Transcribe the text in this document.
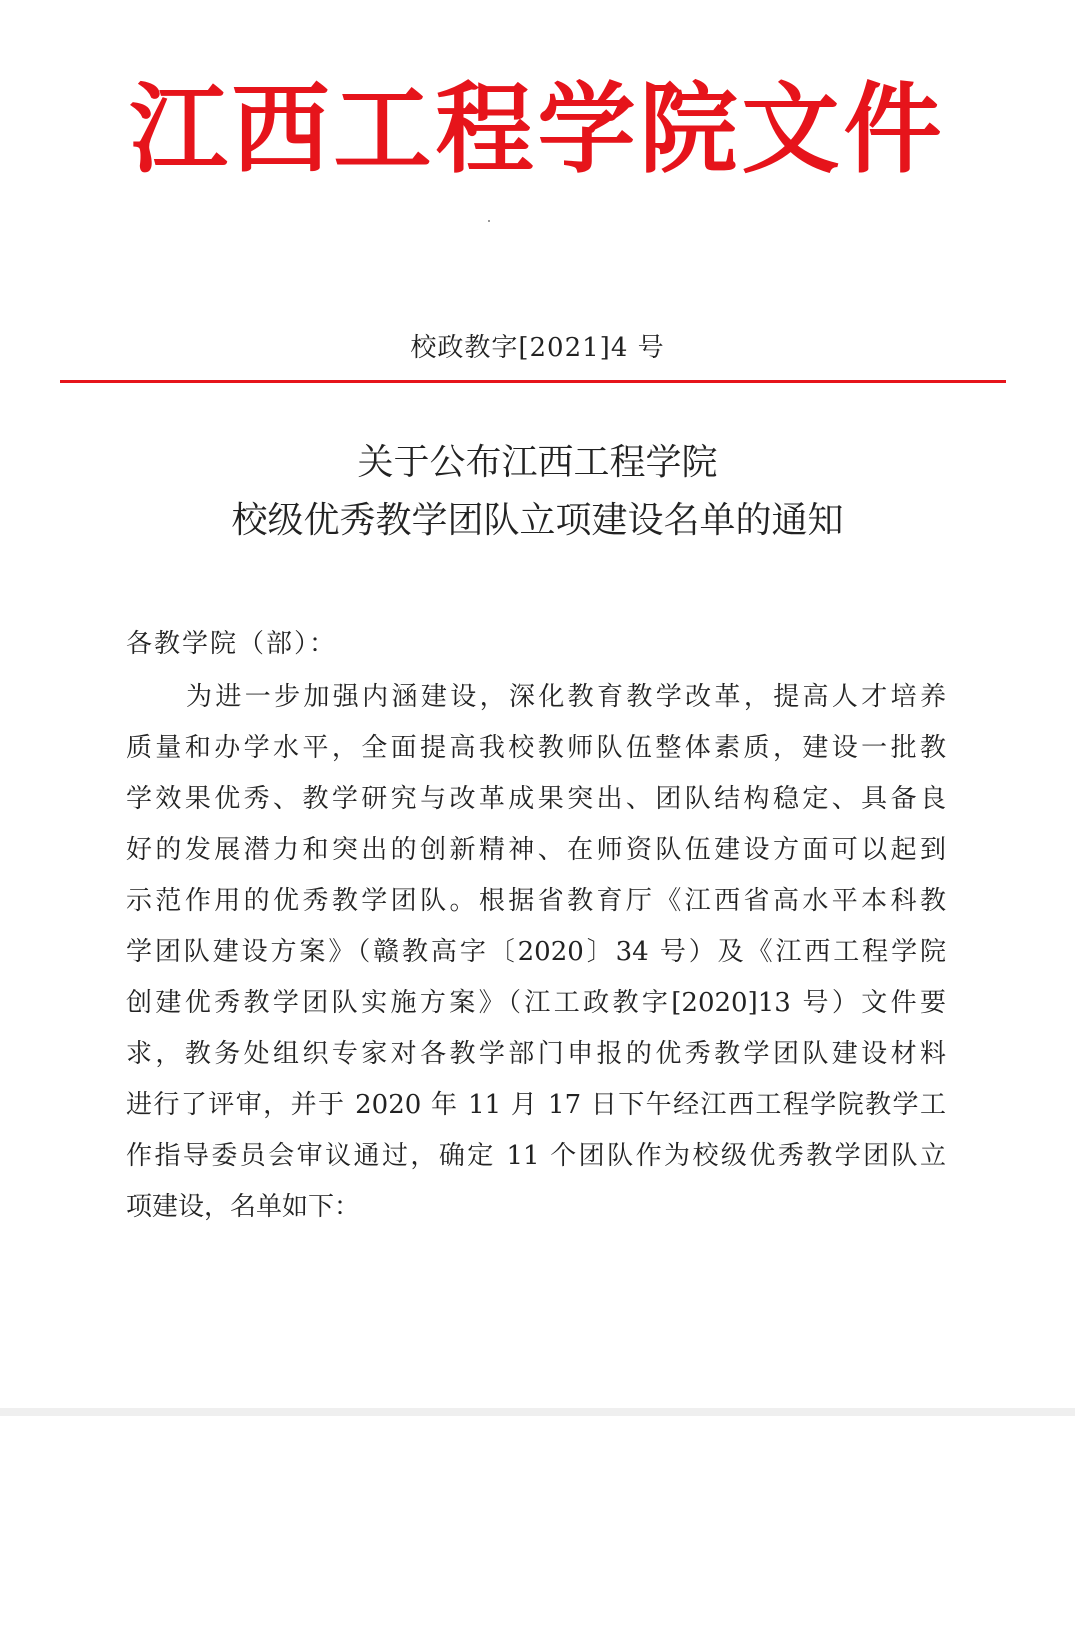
江西工程学院文件
校政教字[2021]4 号
关于公布江西工程学院
校级优秀教学团队立项建设名单的通知
各教学院（部）：
为进一步加强内涵建设，深化教育教学改革，提高人才培养
质量和办学水平，全面提高我校教师队伍整体素质，建设一批教
学效果优秀、教学研究与改革成果突出、团队结构稳定、具备良
好的发展潜力和突出的创新精神、在师资队伍建设方面可以起到
示范作用的优秀教学团队。根据省教育厅《江西省高水平本科教
学团队建设方案》（赣教高字〔2020〕34 号）及《江西工程学院
创建优秀教学团队实施方案》（江工政教字[2020]13 号）文件要
求，教务处组织专家对各教学部门申报的优秀教学团队建设材料
进行了评审，并于 2020 年 11 月 17 日下午经江西工程学院教学工
作指导委员会审议通过，确定 11 个团队作为校级优秀教学团队立
项建设，名单如下：
